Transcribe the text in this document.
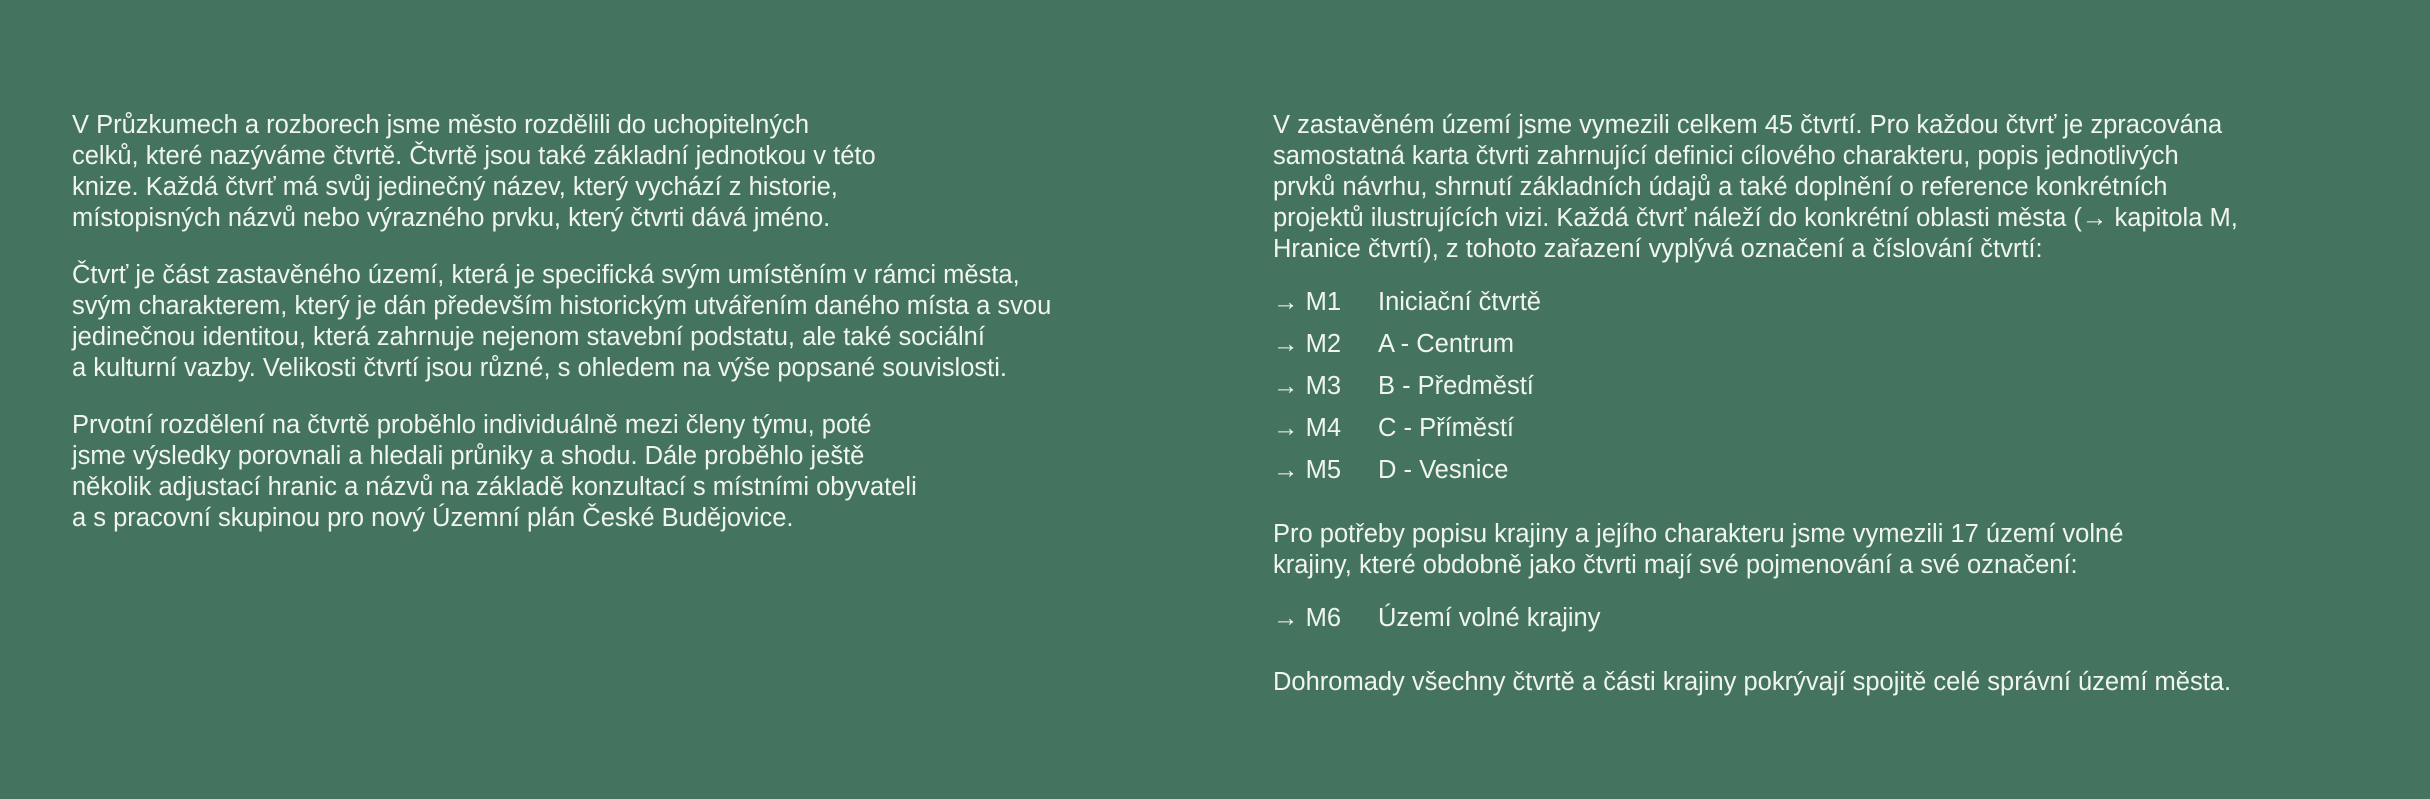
V Průzkumech a rozborech jsme město rozdělili do uchopitelných
celků, které nazýváme čtvrtě. Čtvrtě jsou také základní jednotkou v této
knize. Každá čtvrť má svůj jedinečný název, který vychází z historie,
místopisných názvů nebo výrazného prvku, který čtvrti dává jméno.

Čtvrť je část zastavěného území, která je specifická svým umístěním v rámci města,
svým charakterem, který je dán především historickým utvářením daného místa a svou
jedinečnou identitou, která zahrnuje nejenom stavební podstatu, ale také sociální
a kulturní vazby. Velikosti čtvrtí jsou různé, s ohledem na výše popsané souvislosti.

Prvotní rozdělení na čtvrtě proběhlo individuálně mezi členy týmu, poté
jsme výsledky porovnali a hledali průniky a shodu. Dále proběhlo ještě
několik adjustací hranic a názvů na základě konzultací s místními obyvateli
a s pracovní skupinou pro nový Územní plán České Budějovice.

V zastavěném území jsme vymezili celkem 45 čtvrtí. Pro každou čtvrť je zpracována
samostatná karta čtvrti zahrnující definici cílového charakteru, popis jednotlivých
prvků návrhu, shrnutí základních údajů a také doplnění o reference konkrétních
projektů ilustrujících vizi. Každá čtvrť náleží do konkrétní oblasti města (→ kapitola M,
Hranice čtvrtí), z tohoto zařazení vyplývá označení a číslování čtvrtí:

→ M1	Iniciační čtvrtě
→ M2	A - Centrum
→ M3	B - Předměstí
→ M4	C - Příměstí
→ M5	D - Vesnice

Pro potřeby popisu krajiny a jejího charakteru jsme vymezili 17 území volné
krajiny, které obdobně jako čtvrti mají své pojmenování a své označení:

→ M6	Území volné krajiny

Dohromady všechny čtvrtě a části krajiny pokrývají spojitě celé správní území města.
